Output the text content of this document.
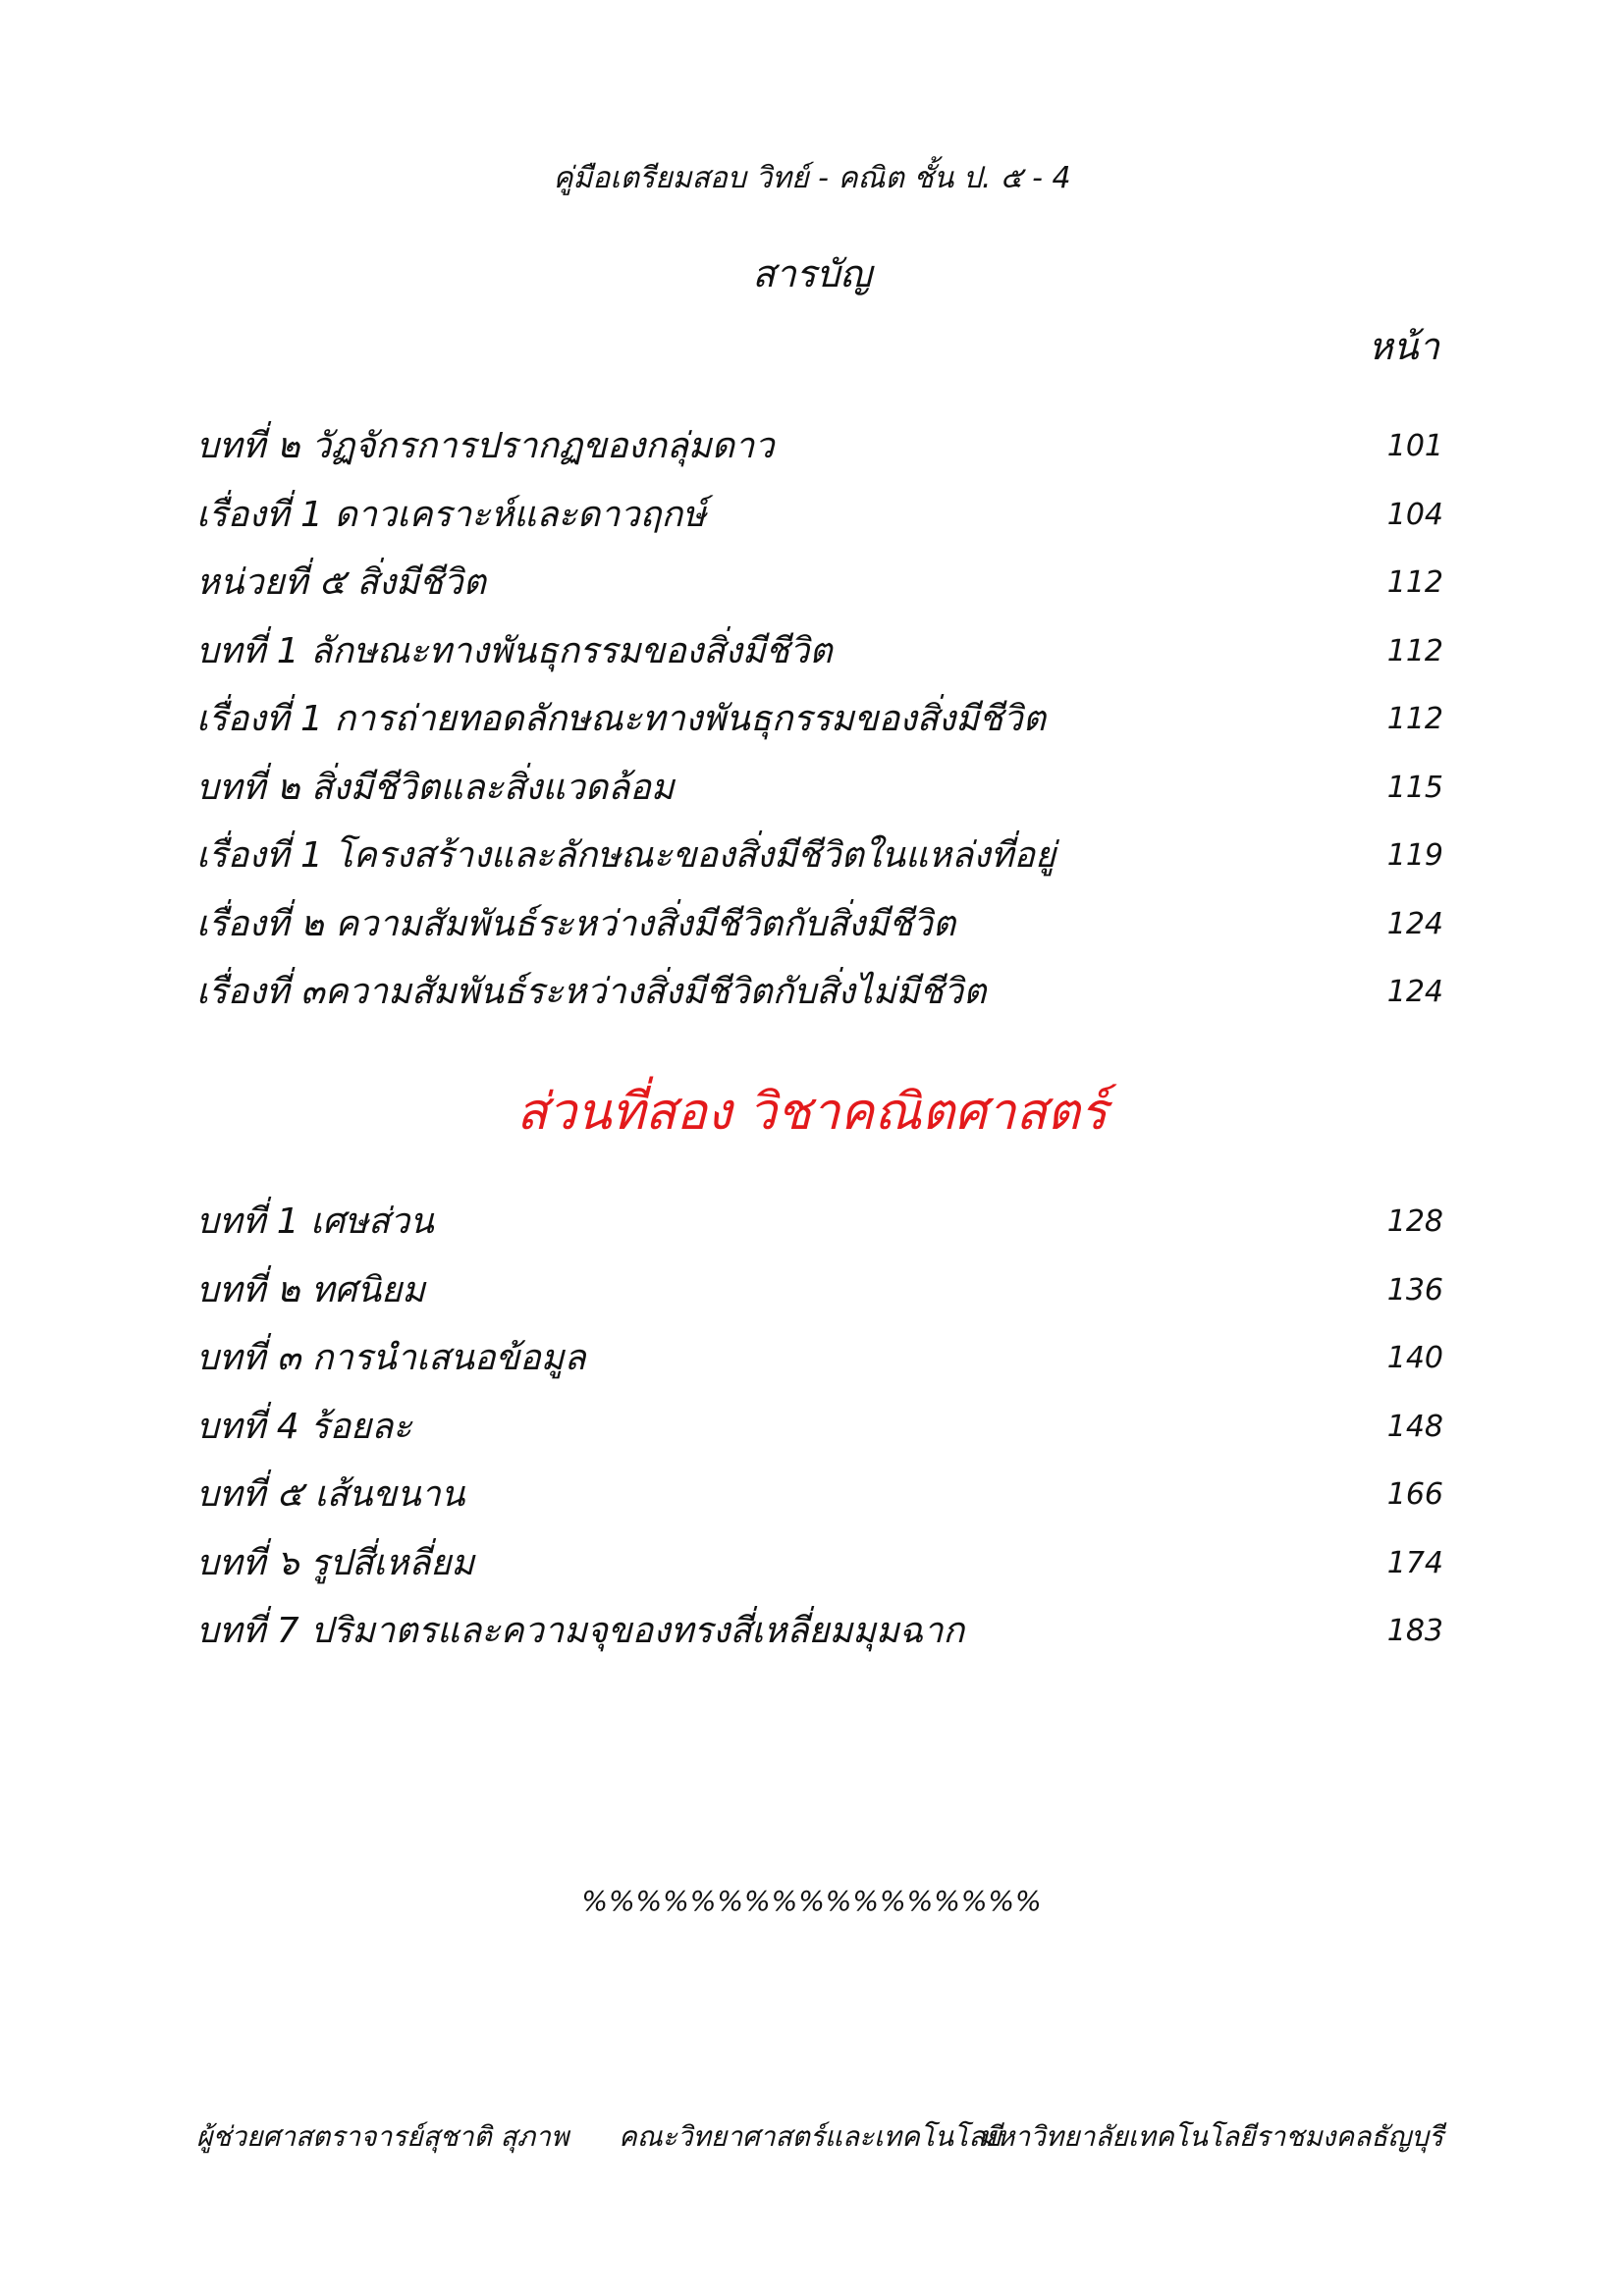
คู่มือเตรียมสอบ วิทย์ - คณิต ชั้น ป. ๕ - 4
สารบัญ
หน้า
บทที่ ๒ วัฏจักรการปรากฏของกลุ่มดาว	101
เรื่องที่ 1 ดาวเคราะห์และดาวฤกษ์	104
หน่วยที่ ๕ สิ่งมีชีวิต	112
บทที่ 1 ลักษณะทางพันธุกรรมของสิ่งมีชีวิต	112
เรื่องที่ 1 การถ่ายทอดลักษณะทางพันธุกรรมของสิ่งมีชีวิต	112
บทที่ ๒ สิ่งมีชีวิตและสิ่งแวดล้อม	115
เรื่องที่ 1 โครงสร้างและลักษณะของสิ่งมีชีวิตในแหล่งที่อยู่	119
เรื่องที่ ๒ ความสัมพันธ์ระหว่างสิ่งมีชีวิตกับสิ่งมีชีวิต	124
เรื่องที่ ๓ความสัมพันธ์ระหว่างสิ่งมีชีวิตกับสิ่งไม่มีชีวิต	124
ส่วนที่สอง วิชาคณิตศาสตร์
บทที่ 1 เศษส่วน	128
บทที่ ๒ ทศนิยม	136
บทที่ ๓ การนำเสนอข้อมูล	140
บทที่ 4 ร้อยละ	148
บทที่ ๕ เส้นขนาน	166
บทที่ ๖ รูปสี่เหลี่ยม	174
บทที่ 7 ปริมาตรและความจุของทรงสี่เหลี่ยมมุมฉาก	183
%%%%%%%%%%%%%%%%%
ผู้ช่วยศาสตราจารย์สุชาติ สุภาพ คณะวิทยาศาสตร์และเทคโนโลยี
มหาวิทยาลัยเทคโนโลยีราชมงคลธัญบุรี
